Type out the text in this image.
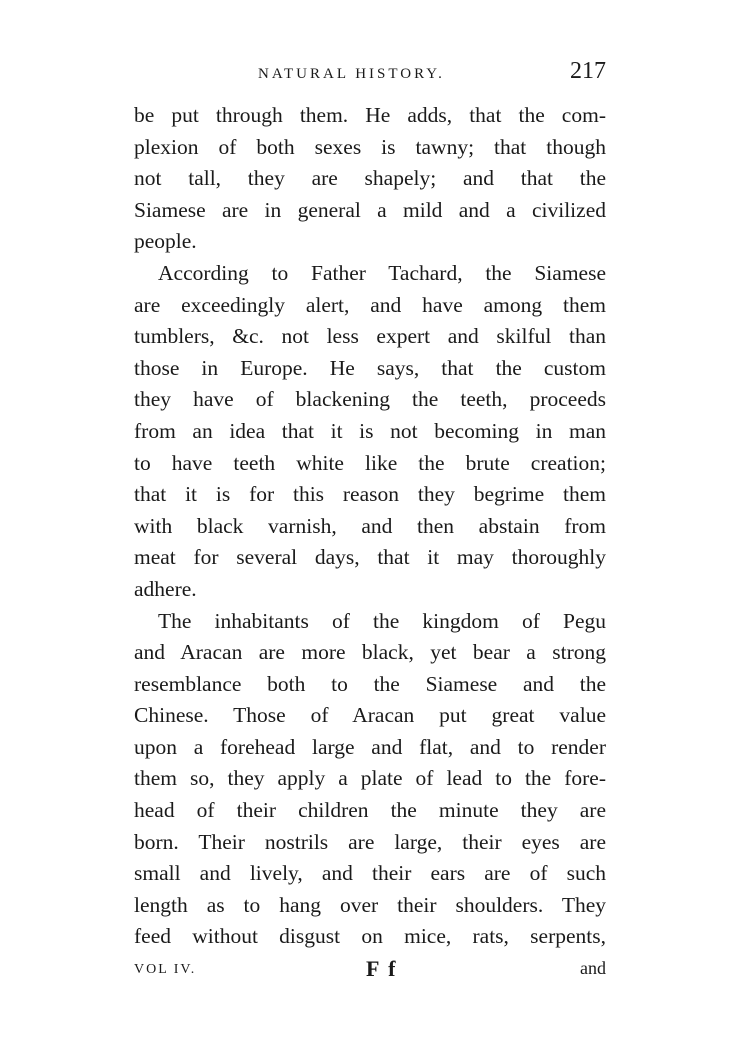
NATURAL HISTORY.	217

be put through them. He adds, that the com-
plexion of both sexes is tawny; that though
not tall, they are shapely; and that the
Siamese are in general a mild and a civilized
people.

According to Father Tachard, the Siamese
are exceedingly alert, and have among them
tumblers, &c. not less expert and skilful than
those in Europe. He says, that the custom
they have of blackening the teeth, proceeds
from an idea that it is not becoming in man
to have teeth white like the brute creation;
that it is for this reason they begrime them
with black varnish, and then abstain from
meat for several days, that it may thoroughly
adhere.

The inhabitants of the kingdom of Pegu
and Aracan are more black, yet bear a strong
resemblance both to the Siamese and the
Chinese. Those of Aracan put great value
upon a forehead large and flat, and to render
them so, they apply a plate of lead to the fore-
head of their children the minute they are
born. Their nostrils are large, their eyes are
small and lively, and their ears are of such
length as to hang over their shoulders. They
feed without disgust on mice, rats, serpents,

VOL IV.	F f	and
